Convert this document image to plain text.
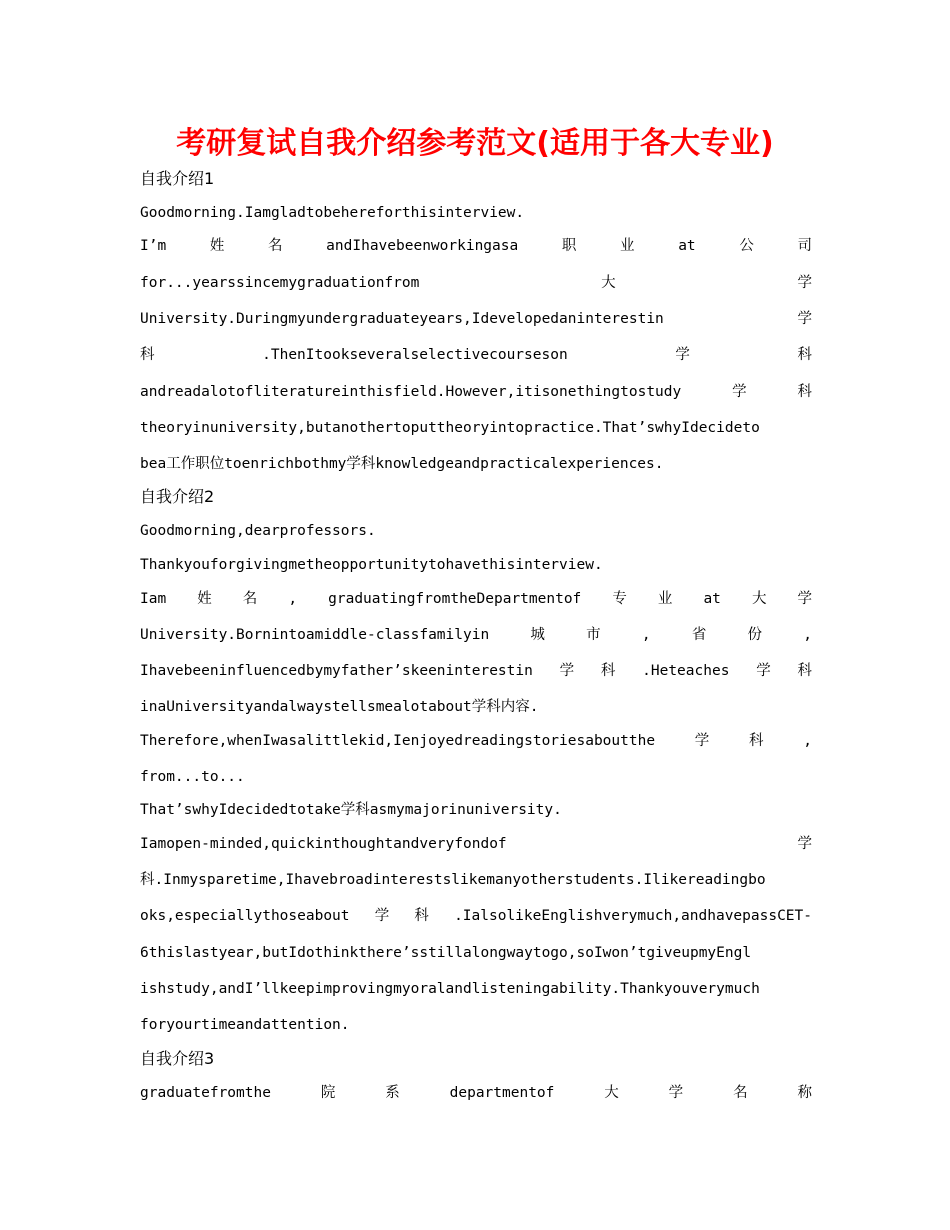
考研复试自我介绍参考范文(适用于各大专业)
自我介绍1
Goodmorning.Iamgladtobehereforthisinterview.
I’m	姓	名	andIhavebeenworkingasa	职	业	at	公	司
for...yearssincemygraduationfrom	大	学
University.Duringmyundergraduateyears,Idevelopedaninterestin	学
科	.ThenItookseveralselectivecourseson	学	科
andreadalotofliteratureinthisfield.However,itisonethingtostudy	学	科
theoryinuniversity,butanothertoputtheoryintopractice.That’swhyIdecideto
bea工作职位toenrichbothmy学科knowledgeandpracticalexperiences.
自我介绍2
Goodmorning,dearprofessors.
Thankyouforgivingmetheopportunitytohavethisinterview.
Iam 姓 名 , graduatingfromtheDepartmentof 专 业 at 大 学
University.Bornintoamiddle-classfamilyin	城	市	,	省	份	,
Ihavebeeninfluencedbymyfather’skeeninterestin 学 科 .Heteaches 学 科
inaUniversityandalwaystellsmealotabout学科内容.
Therefore,whenIwasalittlekid,Ienjoyedreadingstoriesaboutthe	学	科	,
from...to...
That’swhyIdecidedtotake学科asmymajorinuniversity.
Iamopen-minded,quickinthoughtandveryfondof	学
科.Inmysparetime,Ihavebroadinterestslikemanyotherstudents.Ilikereadingbo
oks,especiallythoseabout 学 科 .IalsolikeEnglishverymuch,andhavepassCET-
6thislastyear,butIdothinkthere’sstillalongwaytogo,soIwon’tgiveupmyEngl
ishstudy,andI’llkeepimprovingmyoralandlisteningability.Thankyouverymuch
foryourtimeandattention.
自我介绍3
graduatefromthe	院	系	departmentof	大	学	名	称
